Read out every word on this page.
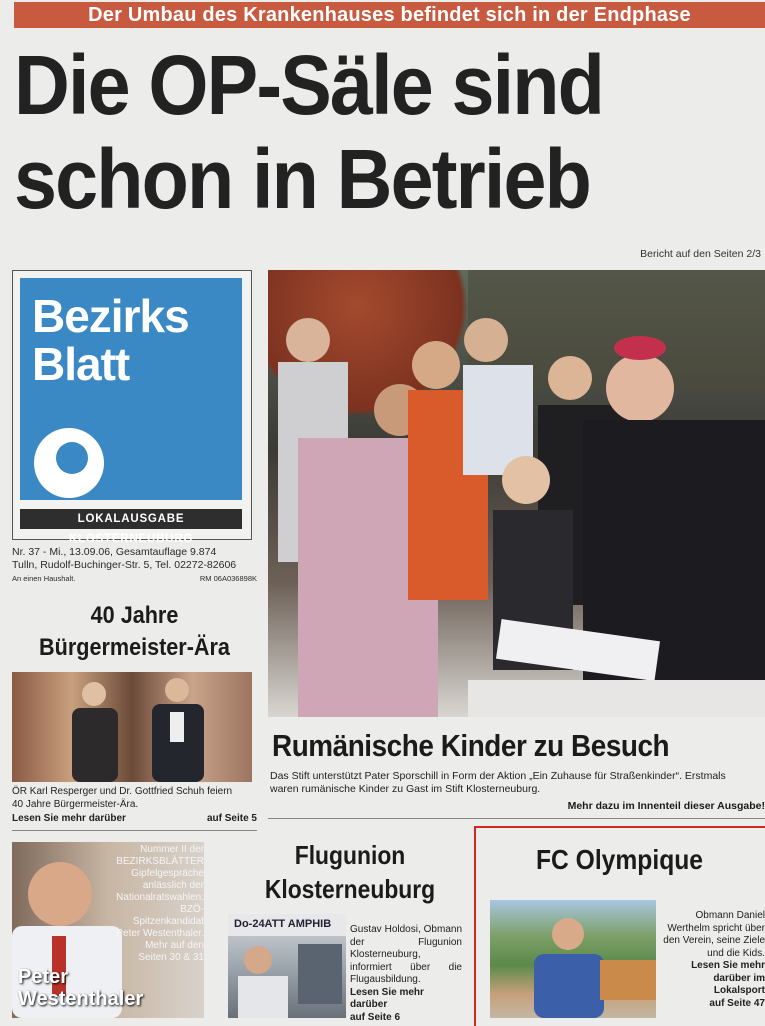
Der Umbau des Krankenhauses befindet sich in der Endphase
Die OP-Säle sind
schon in Betrieb
Bericht auf den Seiten 2/3
Bezirks
Blatt
LOKALAUSGABE KLOSTERNEUBURG
Nr. 37 - Mi., 13.09.06, Gesamtauflage 9.874
Tulln, Rudolf-Buchinger-Str. 5, Tel. 02272-82606
An einen Haushalt.	RM 06A036898K
40 Jahre
Bürgermeister-Ära
ÖR Karl Resperger und Dr. Gottfried Schuh feiern
40 Jahre Bürgermeister-Ära.
Lesen Sie mehr darüber	auf Seite 5
Rumänische Kinder zu Besuch
Das Stift unterstützt Pater Sporschill in Form der Aktion „Ein Zuhause für Straßenkinder“. Erstmals
waren rumänische Kinder zu Gast im Stift Klosterneuburg.
Mehr dazu im Innenteil dieser Ausgabe!
Nummer II der
BEZIRKSBLÄTTER
Gipfelgespräche
anlässlich der
Nationalratswahlen:
BZÖ-Spitzenkandidat
Peter Westenthaler.
Mehr auf den
Seiten 30 & 31
Peter
Westenthaler
Flugunion
Klosterneuburg
Do-24ATT AMPHIB Gustav Holdosi, Obmann der Flugunion Klosterneuburg, informiert über die Flugausbildung.
Lesen Sie mehr darüber
auf Seite 6
FC Olympique
Obmann Daniel Werthelm spricht über den Verein, seine Ziele und die Kids.
Lesen Sie mehr darüber im Lokalsport
auf Seite 47
